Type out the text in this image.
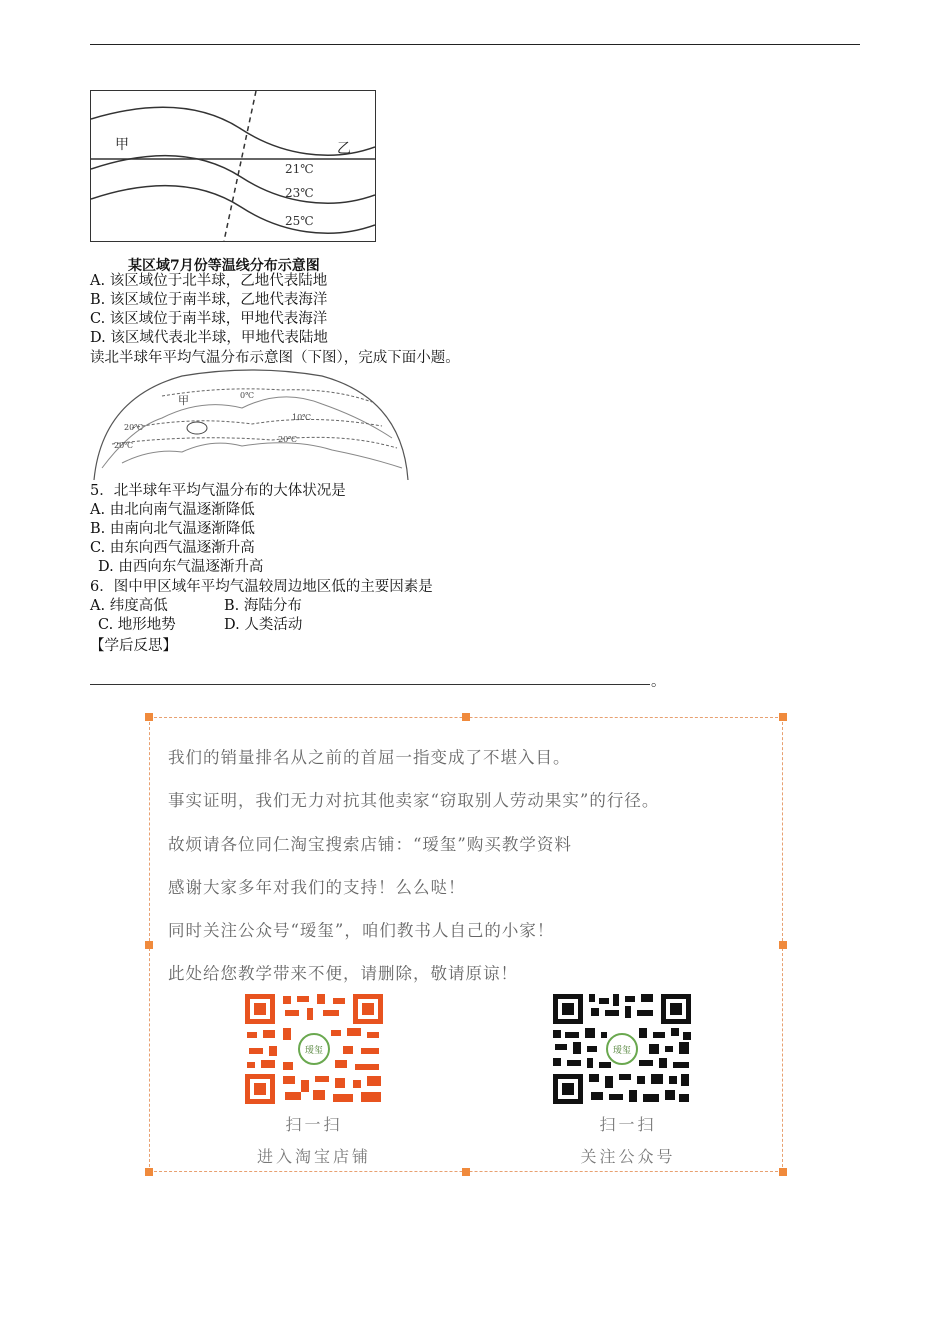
甲	乙
21℃
23℃
25℃
某区域7月份等温线分布示意图
A. 该区域位于北半球，乙地代表陆地
B. 该区域位于南半球，乙地代表海洋
C. 该区域位于南半球，甲地代表海洋
D. 该区域代表北半球，甲地代表陆地
读北半球年平均气温分布示意图（下图），完成下面小题。
甲	0℃
10℃
20℃
20℃
20℃
5．北半球年平均气温分布的大体状况是
A. 由北向南气温逐渐降低
B. 由南向北气温逐渐降低
C. 由东向西气温逐渐升高
D. 由西向东气温逐渐升高
6．图中甲区域年平均气温较周边地区低的主要因素是
A. 纬度高低	B. 海陆分布
C. 地形地势	D. 人类活动
【学后反思】
。
我们的销量排名从之前的首屈一指变成了不堪入目。
事实证明，我们无力对抗其他卖家“窃取别人劳动果实”的行径。
故烦请各位同仁淘宝搜索店铺：“瑷玺”购买教学资料
感谢大家多年对我们的支持！么么哒！
同时关注公众号“瑷玺”，咱们教书人自己的小家！
此处给您教学带来不便，请删除，敬请原谅！
瑷玺	瑷玺
扫一扫
进入淘宝店铺
扫一扫
关注公众号
